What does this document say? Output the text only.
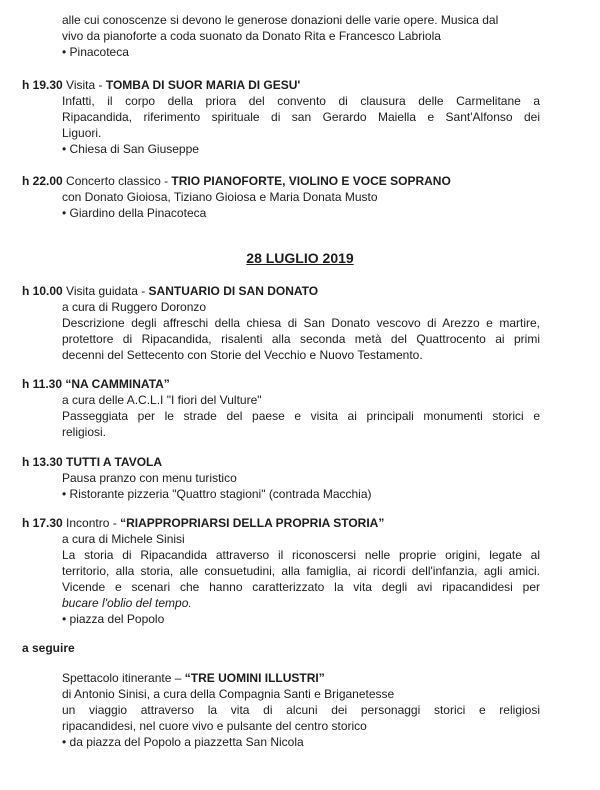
alle cui conoscenze si devono le generose donazioni delle varie opere. Musica dal
vivo da pianoforte a coda suonato da Donato Rita e Francesco Labriola
• Pinacoteca
h 19.30 Visita - TOMBA DI SUOR MARIA DI GESU'
Infatti, il corpo della priora del convento di clausura delle Carmelitane a
Ripacandida, riferimento spirituale di san Gerardo Maiella e Sant'Alfonso dei
Liguori.
• Chiesa di San Giuseppe
h 22.00 Concerto classico - TRIO PIANOFORTE, VIOLINO E VOCE SOPRANO
con Donato Gioiosa, Tiziano Gioiosa e Maria Donata Musto
• Giardino della Pinacoteca
28 LUGLIO 2019
h 10.00 Visita guidata - SANTUARIO DI SAN DONATO
a cura di Ruggero Doronzo
Descrizione degli affreschi della chiesa di San Donato vescovo di Arezzo e martire,
protettore di Ripacandida, risalenti alla seconda metà del Quattrocento ai primi
decenni del Settecento con Storie del Vecchio e Nuovo Testamento.
h 11.30 “NA CAMMINATA”
a cura delle A.C.L.I "I fiori del Vulture"
Passeggiata per le strade del paese e visita ai principali monumenti storici e
religiosi.
h 13.30 TUTTI A TAVOLA
Pausa pranzo con menu turistico
• Ristorante pizzeria "Quattro stagioni" (contrada Macchia)
h 17.30 Incontro - “RIAPPROPRIARSI DELLA PROPRIA STORIA”
a cura di Michele Sinisi
La storia di Ripacandida attraverso il riconoscersi nelle proprie origini, legate al
territorio, alla storia, alle consuetudini, alla famiglia, ai ricordi dell'infanzia, agli amici.
Vicende e scenari che hanno caratterizzato la vita degli avi ripacandidesi per
bucare l'oblio del tempo.
• piazza del Popolo
a seguire
Spettacolo itinerante – “TRE UOMINI ILLUSTRI”
di Antonio Sinisi, a cura della Compagnia Santi e Briganetesse
un viaggio attraverso la vita di alcuni dei personaggi storici e religiosi
ripacandidesi, nel cuore vivo e pulsante del centro storico
• da piazza del Popolo a piazzetta San Nicola
